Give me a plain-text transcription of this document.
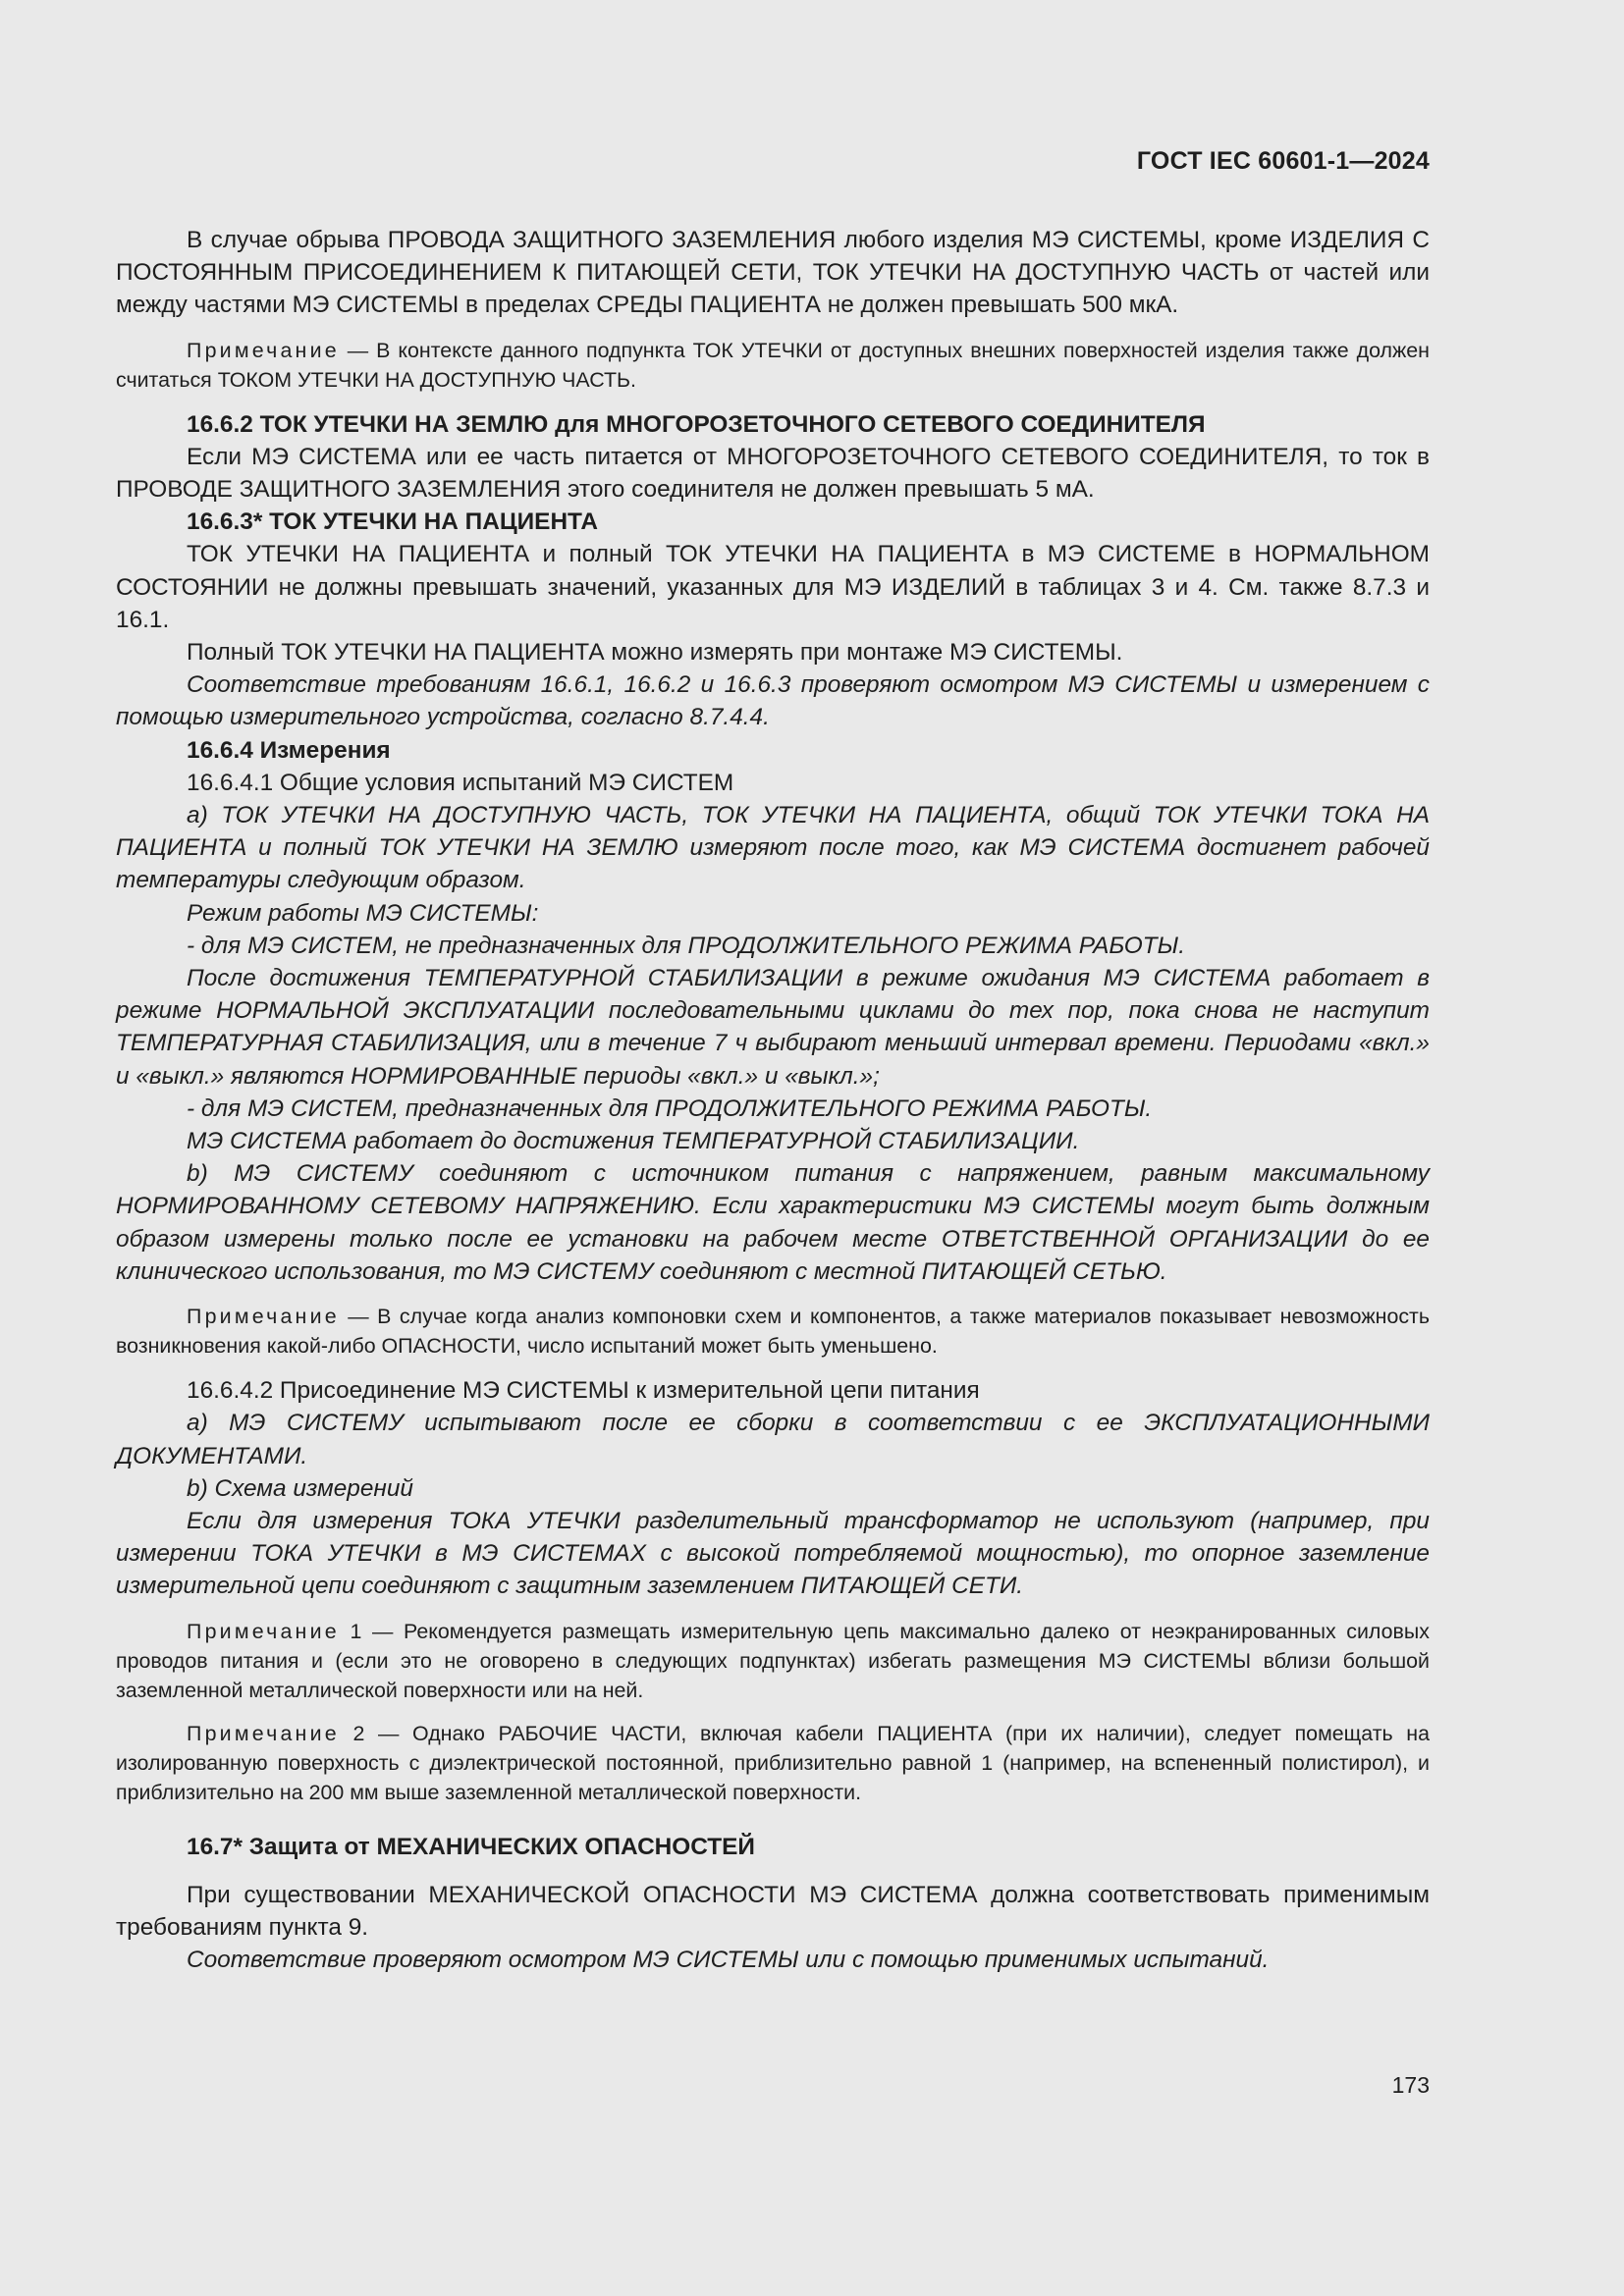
ГОСТ IEC 60601-1—2024

В случае обрыва ПРОВОДА ЗАЩИТНОГО ЗАЗЕМЛЕНИЯ любого изделия МЭ СИСТЕМЫ, кроме ИЗДЕЛИЯ С ПОСТОЯННЫМ ПРИСОЕДИНЕНИЕМ К ПИТАЮЩЕЙ СЕТИ, ТОК УТЕЧКИ НА ДОСТУПНУЮ ЧАСТЬ от частей или между частями МЭ СИСТЕМЫ в пределах СРЕДЫ ПАЦИЕНТА не должен превышать 500 мкА.

Примечание — В контексте данного подпункта ТОК УТЕЧКИ от доступных внешних поверхностей изделия также должен считаться ТОКОМ УТЕЧКИ НА ДОСТУПНУЮ ЧАСТЬ.

16.6.2 ТОК УТЕЧКИ НА ЗЕМЛЮ для МНОГОРОЗЕТОЧНОГО СЕТЕВОГО СОЕДИНИТЕЛЯ

Если МЭ СИСТЕМА или ее часть питается от МНОГОРОЗЕТОЧНОГО СЕТЕВОГО СОЕДИНИТЕЛЯ, то ток в ПРОВОДЕ ЗАЩИТНОГО ЗАЗЕМЛЕНИЯ этого соединителя не должен превышать 5 мА.

16.6.3* ТОК УТЕЧКИ НА ПАЦИЕНТА

ТОК УТЕЧКИ НА ПАЦИЕНТА и полный ТОК УТЕЧКИ НА ПАЦИЕНТА в МЭ СИСТЕМЕ в НОРМАЛЬНОМ СОСТОЯНИИ не должны превышать значений, указанных для МЭ ИЗДЕЛИЙ в таблицах 3 и 4. См. также 8.7.3 и 16.1.

Полный ТОК УТЕЧКИ НА ПАЦИЕНТА можно измерять при монтаже МЭ СИСТЕМЫ.

Соответствие требованиям 16.6.1, 16.6.2 и 16.6.3 проверяют осмотром МЭ СИСТЕМЫ и измерением с помощью измерительного устройства, согласно 8.7.4.4.

16.6.4 Измерения

16.6.4.1 Общие условия испытаний МЭ СИСТЕМ

a) ТОК УТЕЧКИ НА ДОСТУПНУЮ ЧАСТЬ, ТОК УТЕЧКИ НА ПАЦИЕНТА, общий ТОК УТЕЧКИ ТОКА НА ПАЦИЕНТА и полный ТОК УТЕЧКИ НА ЗЕМЛЮ измеряют после того, как МЭ СИСТЕМА достигнет рабочей температуры следующим образом.

Режим работы МЭ СИСТЕМЫ:

- для МЭ СИСТЕМ, не предназначенных для ПРОДОЛЖИТЕЛЬНОГО РЕЖИМА РАБОТЫ.

После достижения ТЕМПЕРАТУРНОЙ СТАБИЛИЗАЦИИ в режиме ожидания МЭ СИСТЕМА работает в режиме НОРМАЛЬНОЙ ЭКСПЛУАТАЦИИ последовательными циклами до тех пор, пока снова не наступит ТЕМПЕРАТУРНАЯ СТАБИЛИЗАЦИЯ, или в течение 7 ч выбирают меньший интервал времени. Периодами «вкл.» и «выкл.» являются НОРМИРОВАННЫЕ периоды «вкл.» и «выкл.»;

- для МЭ СИСТЕМ, предназначенных для ПРОДОЛЖИТЕЛЬНОГО РЕЖИМА РАБОТЫ.

МЭ СИСТЕМА работает до достижения ТЕМПЕРАТУРНОЙ СТАБИЛИЗАЦИИ.

b) МЭ СИСТЕМУ соединяют с источником питания с напряжением, равным максимальному НОРМИРОВАННОМУ СЕТЕВОМУ НАПРЯЖЕНИЮ. Если характеристики МЭ СИСТЕМЫ могут быть должным образом измерены только после ее установки на рабочем месте ОТВЕТСТВЕННОЙ ОРГАНИЗАЦИИ до ее клинического использования, то МЭ СИСТЕМУ соединяют с местной ПИТАЮЩЕЙ СЕТЬЮ.

Примечание — В случае когда анализ компоновки схем и компонентов, а также материалов показывает невозможность возникновения какой-либо ОПАСНОСТИ, число испытаний может быть уменьшено.

16.6.4.2 Присоединение МЭ СИСТЕМЫ к измерительной цепи питания

a) МЭ СИСТЕМУ испытывают после ее сборки в соответствии с ее ЭКСПЛУАТАЦИОННЫМИ ДОКУМЕНТАМИ.

b) Схема измерений

Если для измерения ТОКА УТЕЧКИ разделительный трансформатор не используют (например, при измерении ТОКА УТЕЧКИ в МЭ СИСТЕМАХ с высокой потребляемой мощностью), то опорное заземление измерительной цепи соединяют с защитным заземлением ПИТАЮЩЕЙ СЕТИ.

Примечание 1 — Рекомендуется размещать измерительную цепь максимально далеко от неэкранированных силовых проводов питания и (если это не оговорено в следующих подпунктах) избегать размещения МЭ СИСТЕМЫ вблизи большой заземленной металлической поверхности или на ней.

Примечание 2 — Однако РАБОЧИЕ ЧАСТИ, включая кабели ПАЦИЕНТА (при их наличии), следует помещать на изолированную поверхность с диэлектрической постоянной, приблизительно равной 1 (например, на вспененный полистирол), и приблизительно на 200 мм выше заземленной металлической поверхности.

16.7* Защита от МЕХАНИЧЕСКИХ ОПАСНОСТЕЙ

При существовании МЕХАНИЧЕСКОЙ ОПАСНОСТИ МЭ СИСТЕМА должна соответствовать применимым требованиям пункта 9.

Соответствие проверяют осмотром МЭ СИСТЕМЫ или с помощью применимых испытаний.

173
